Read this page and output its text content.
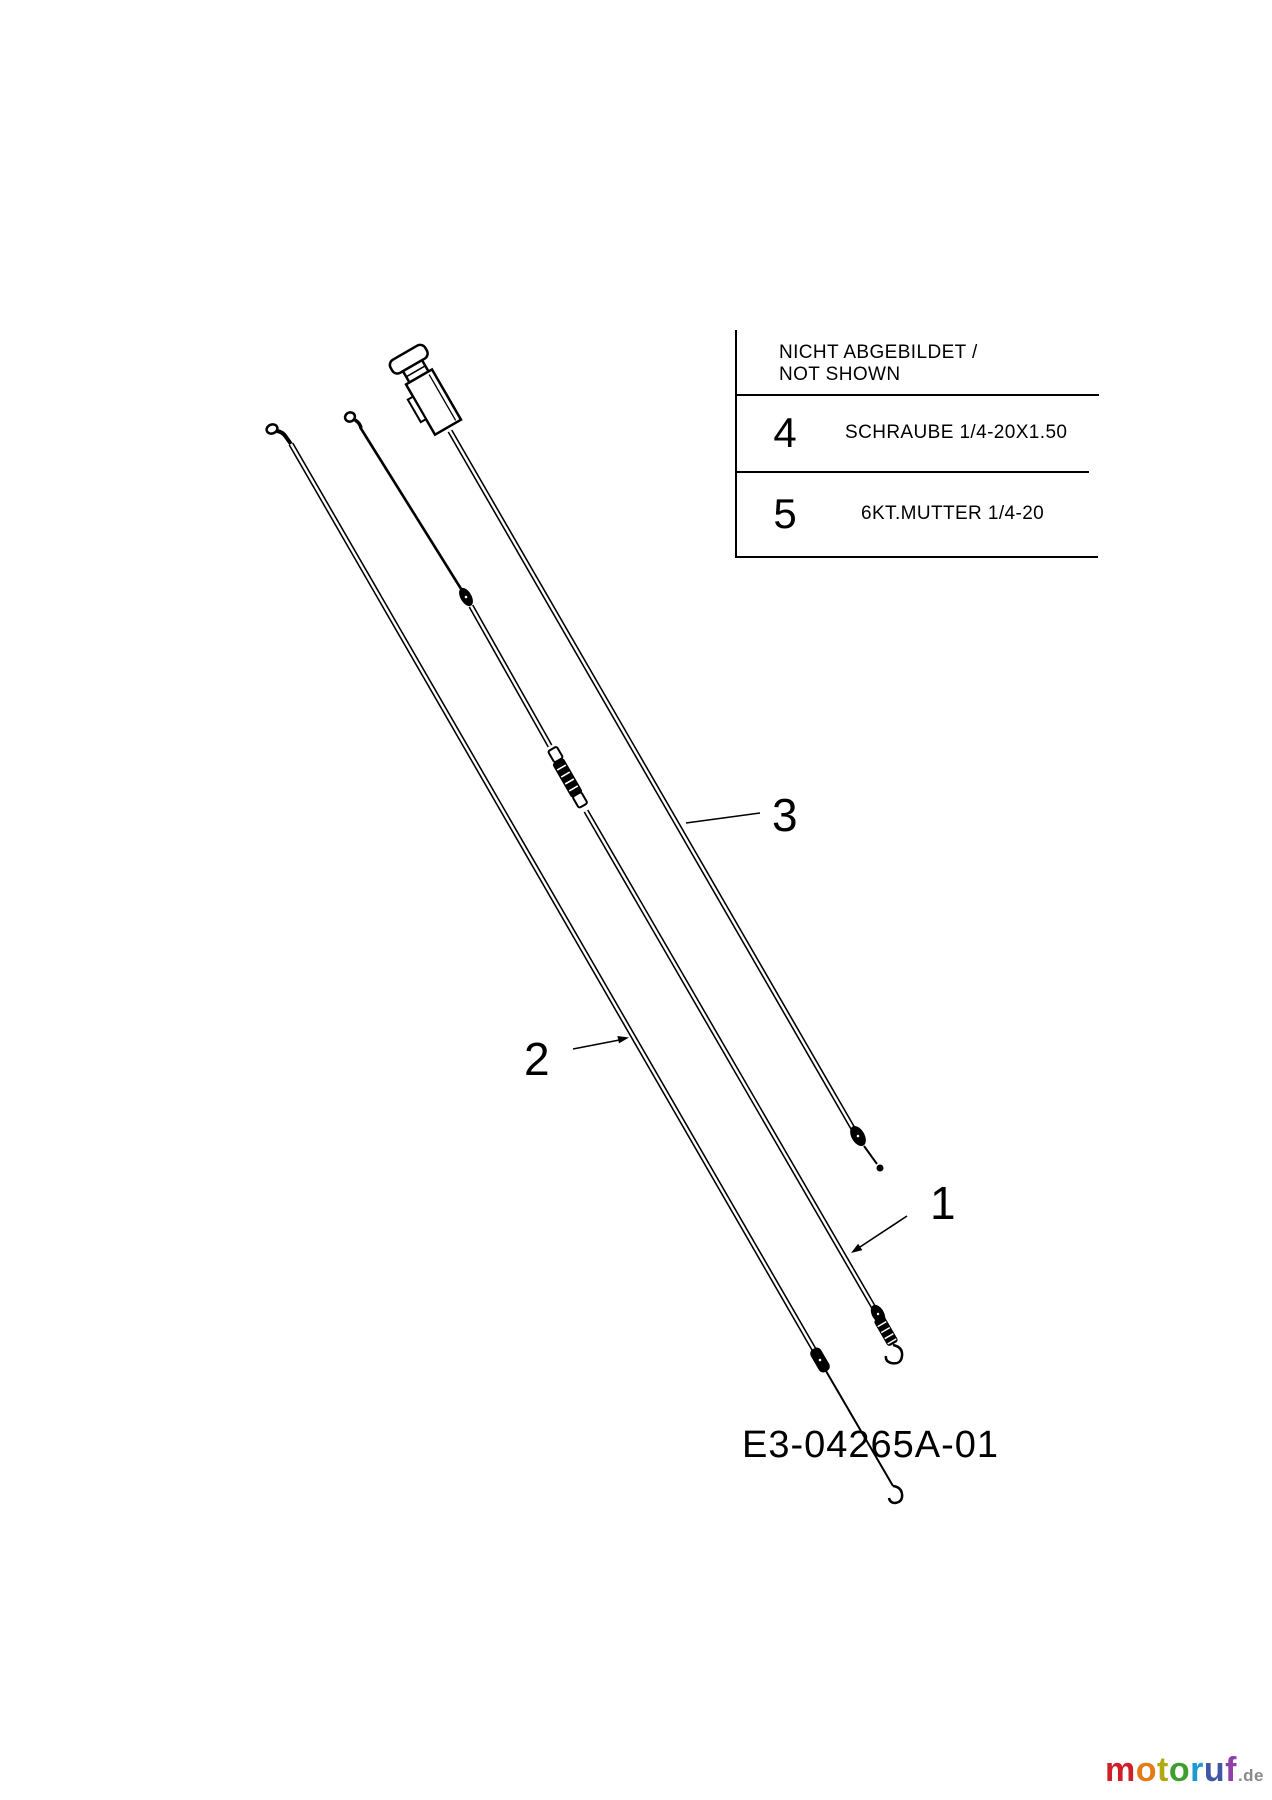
NICHT ABGEBILDET /
NOT SHOWN
4	SCHRAUBE 1/4-20X1.50
5	6KT.MUTTER 1/4-20
3
2
1
E3-04265A-01
m o t o r u f .de
